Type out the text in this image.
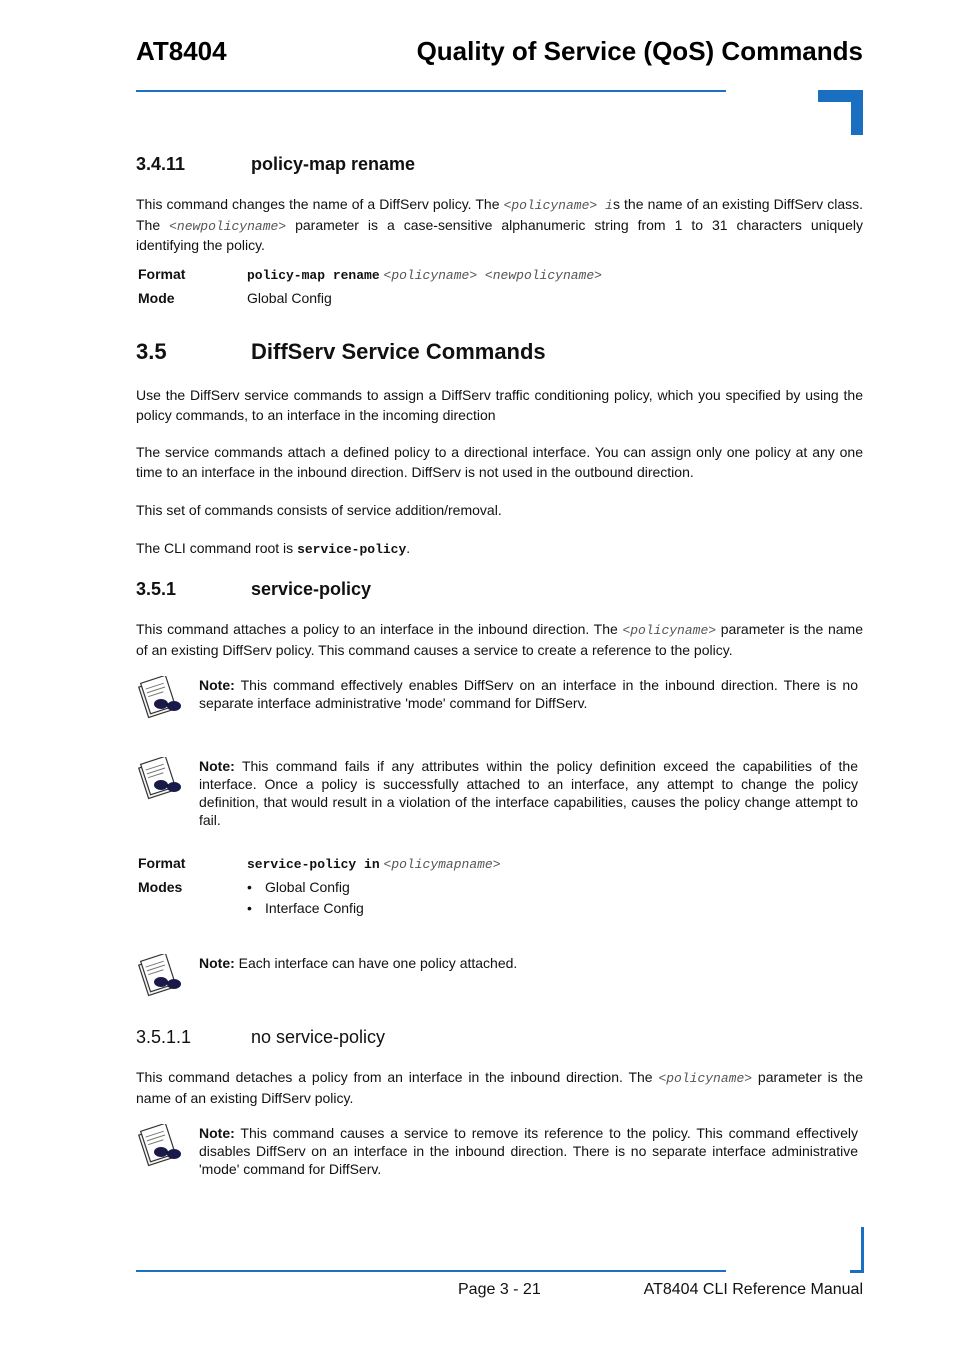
AT8404	Quality of Service (QoS) Commands
3.4.11	policy-map rename
This command changes the name of a DiffServ policy. The <policyname> is the name of an existing DiffServ class. The <newpolicyname> parameter is a case-sensitive alphanumeric string from 1 to 31 characters uniquely identifying the policy.
Format	policy-map rename <policyname> <newpolicyname>
Mode	Global Config
3.5	DiffServ Service Commands
Use the DiffServ service commands to assign a DiffServ traffic conditioning policy, which you specified by using the policy commands, to an interface in the incoming direction
The service commands attach a defined policy to a directional interface. You can assign only one policy at any one time to an interface in the inbound direction. DiffServ is not used in the outbound direction.
This set of commands consists of service addition/removal.
The CLI command root is service-policy.
3.5.1	service-policy
This command attaches a policy to an interface in the inbound direction. The <policyname> parameter is the name of an existing DiffServ policy. This command causes a service to create a reference to the policy.
Note: This command effectively enables DiffServ on an interface in the inbound direction. There is no separate interface administrative 'mode' command for DiffServ.
Note: This command fails if any attributes within the policy definition exceed the capabilities of the interface. Once a policy is successfully attached to an interface, any attempt to change the policy definition, that would result in a violation of the interface capabilities, causes the policy change attempt to fail.
Format	service-policy in <policymapname>
Modes	• Global Config
• Interface Config
Note: Each interface can have one policy attached.
3.5.1.1	no service-policy
This command detaches a policy from an interface in the inbound direction. The <policyname> parameter is the name of an existing DiffServ policy.
Note: This command causes a service to remove its reference to the policy. This command effectively disables DiffServ on an interface in the inbound direction. There is no separate interface administrative 'mode' command for DiffServ.
Page 3 - 21	AT8404 CLI Reference Manual
